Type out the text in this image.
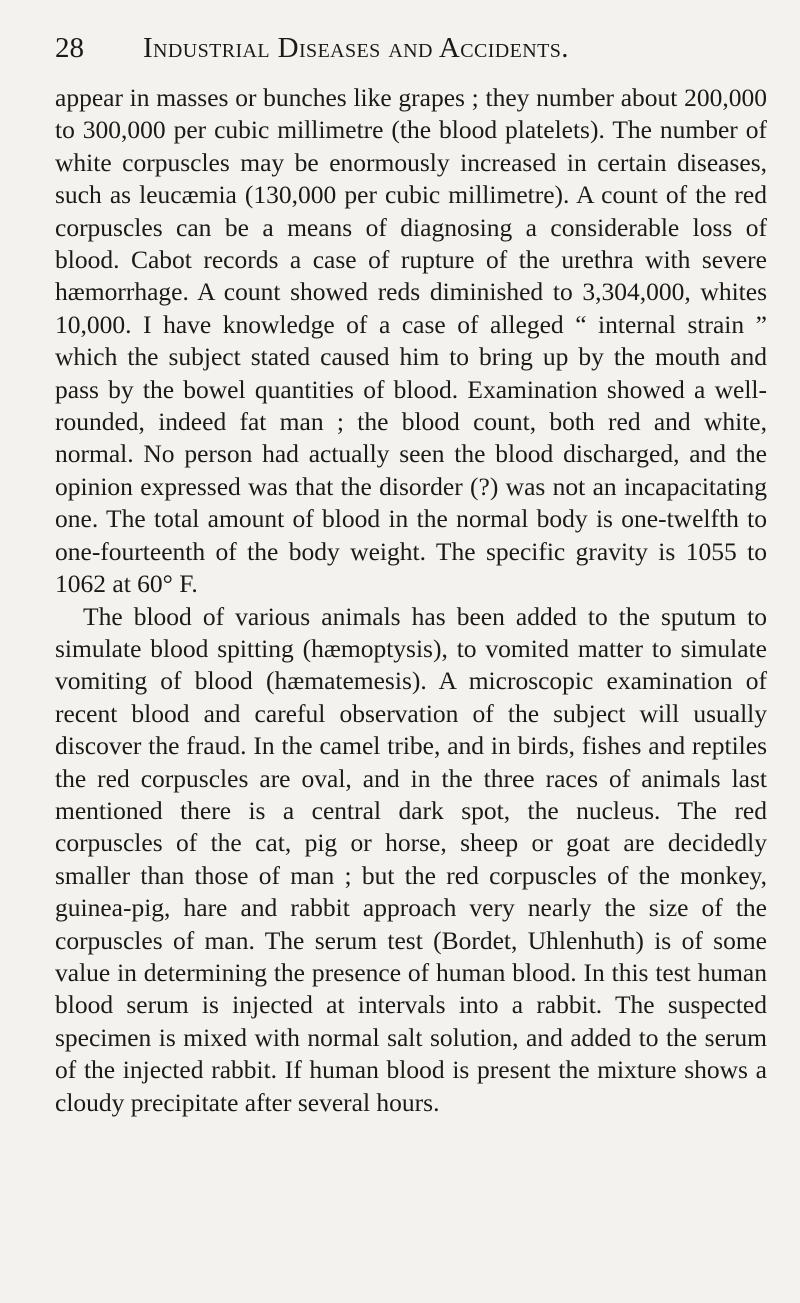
28 Industrial Diseases and Accidents.

appear in masses or bunches like grapes ; they number about 200,000 to 300,000 per cubic millimetre (the blood platelets). The number of white corpuscles may be enormously increased in certain diseases, such as leucæmia (130,000 per cubic millimetre). A count of the red corpuscles can be a means of diagnosing a considerable loss of blood. Cabot records a case of rupture of the urethra with severe hæmorrhage. A count showed reds diminished to 3,304,000, whites 10,000. I have knowledge of a case of alleged “ internal strain ” which the subject stated caused him to bring up by the mouth and pass by the bowel quantities of blood. Examination showed a well-rounded, indeed fat man ; the blood count, both red and white, normal. No person had actually seen the blood discharged, and the opinion expressed was that the disorder (?) was not an incapacitating one. The total amount of blood in the normal body is one-twelfth to one-fourteenth of the body weight. The specific gravity is 1055 to 1062 at 60° F.

The blood of various animals has been added to the sputum to simulate blood spitting (hæmoptysis), to vomited matter to simulate vomiting of blood (hæmatemesis). A microscopic examination of recent blood and careful observation of the subject will usually discover the fraud. In the camel tribe, and in birds, fishes and reptiles the red corpuscles are oval, and in the three races of animals last mentioned there is a central dark spot, the nucleus. The red corpuscles of the cat, pig or horse, sheep or goat are decidedly smaller than those of man ; but the red corpuscles of the monkey, guinea-pig, hare and rabbit approach very nearly the size of the corpuscles of man. The serum test (Bordet, Uhlenhuth) is of some value in determining the presence of human blood. In this test human blood serum is injected at intervals into a rabbit. The suspected specimen is mixed with normal salt solution, and added to the serum of the injected rabbit. If human blood is present the mixture shows a cloudy precipitate after several hours.
